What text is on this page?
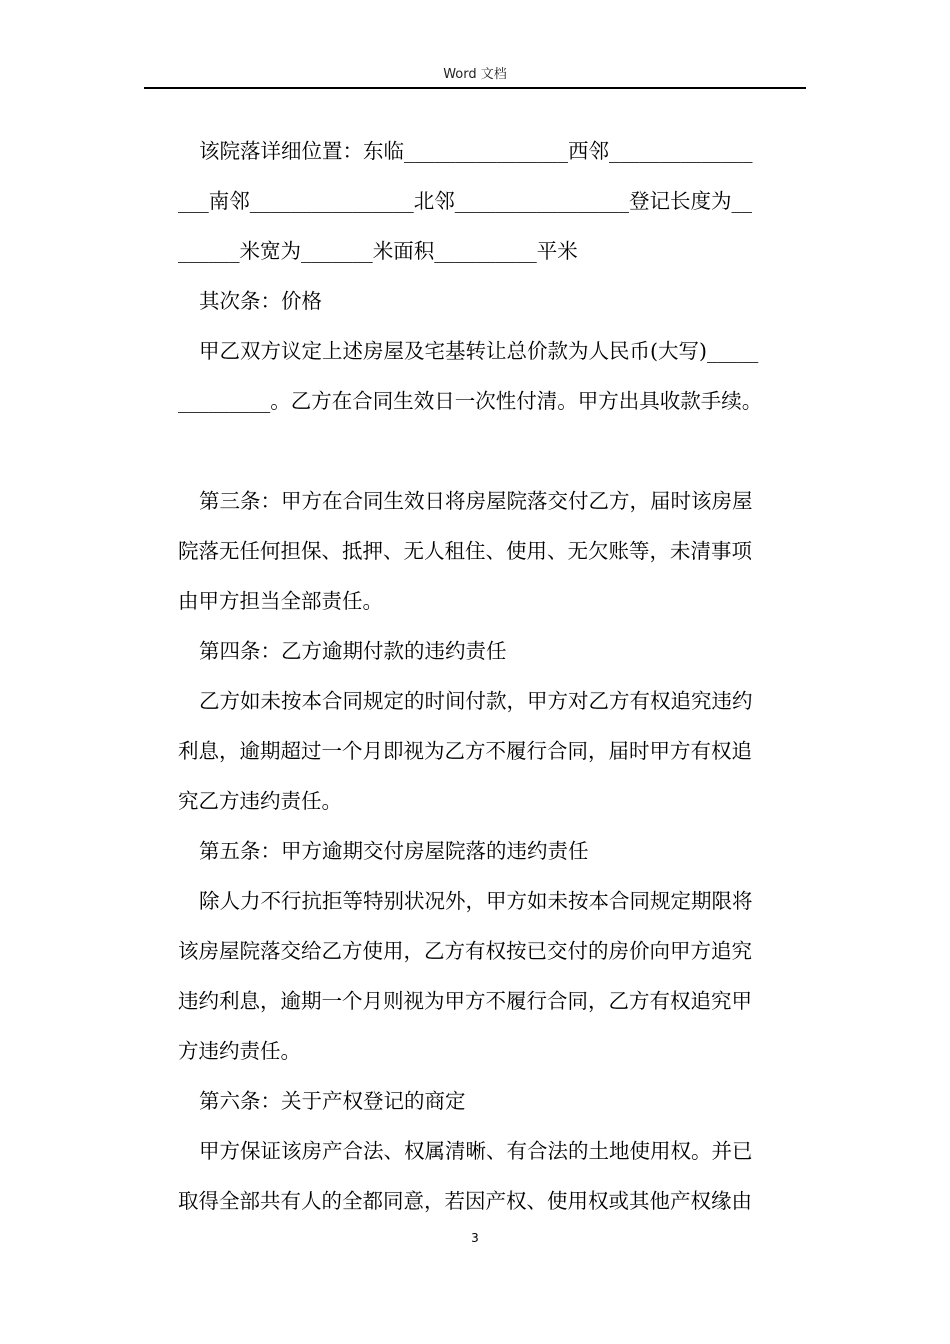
Word 文档
该院落详细位置：东临________________西邻______________
___南邻________________北邻_________________登记长度为__
______米宽为_______米面积__________平米
其次条：价格
甲乙双方议定上述房屋及宅基转让总价款为人民币(大写)_____
_________。乙方在合同生效日一次性付清。甲方出具收款手续。
第三条：甲方在合同生效日将房屋院落交付乙方，届时该房屋
院落无任何担保、抵押、无人租住、使用、无欠账等，未清事项
由甲方担当全部责任。
第四条：乙方逾期付款的违约责任
乙方如未按本合同规定的时间付款，甲方对乙方有权追究违约
利息，逾期超过一个月即视为乙方不履行合同，届时甲方有权追
究乙方违约责任。
第五条：甲方逾期交付房屋院落的违约责任
除人力不行抗拒等特别状况外，甲方如未按本合同规定期限将
该房屋院落交给乙方使用，乙方有权按已交付的房价向甲方追究
违约利息，逾期一个月则视为甲方不履行合同，乙方有权追究甲
方违约责任。
第六条：关于产权登记的商定
甲方保证该房产合法、权属清晰、有合法的土地使用权。并已
取得全部共有人的全都同意，若因产权、使用权或其他产权缘由
3
